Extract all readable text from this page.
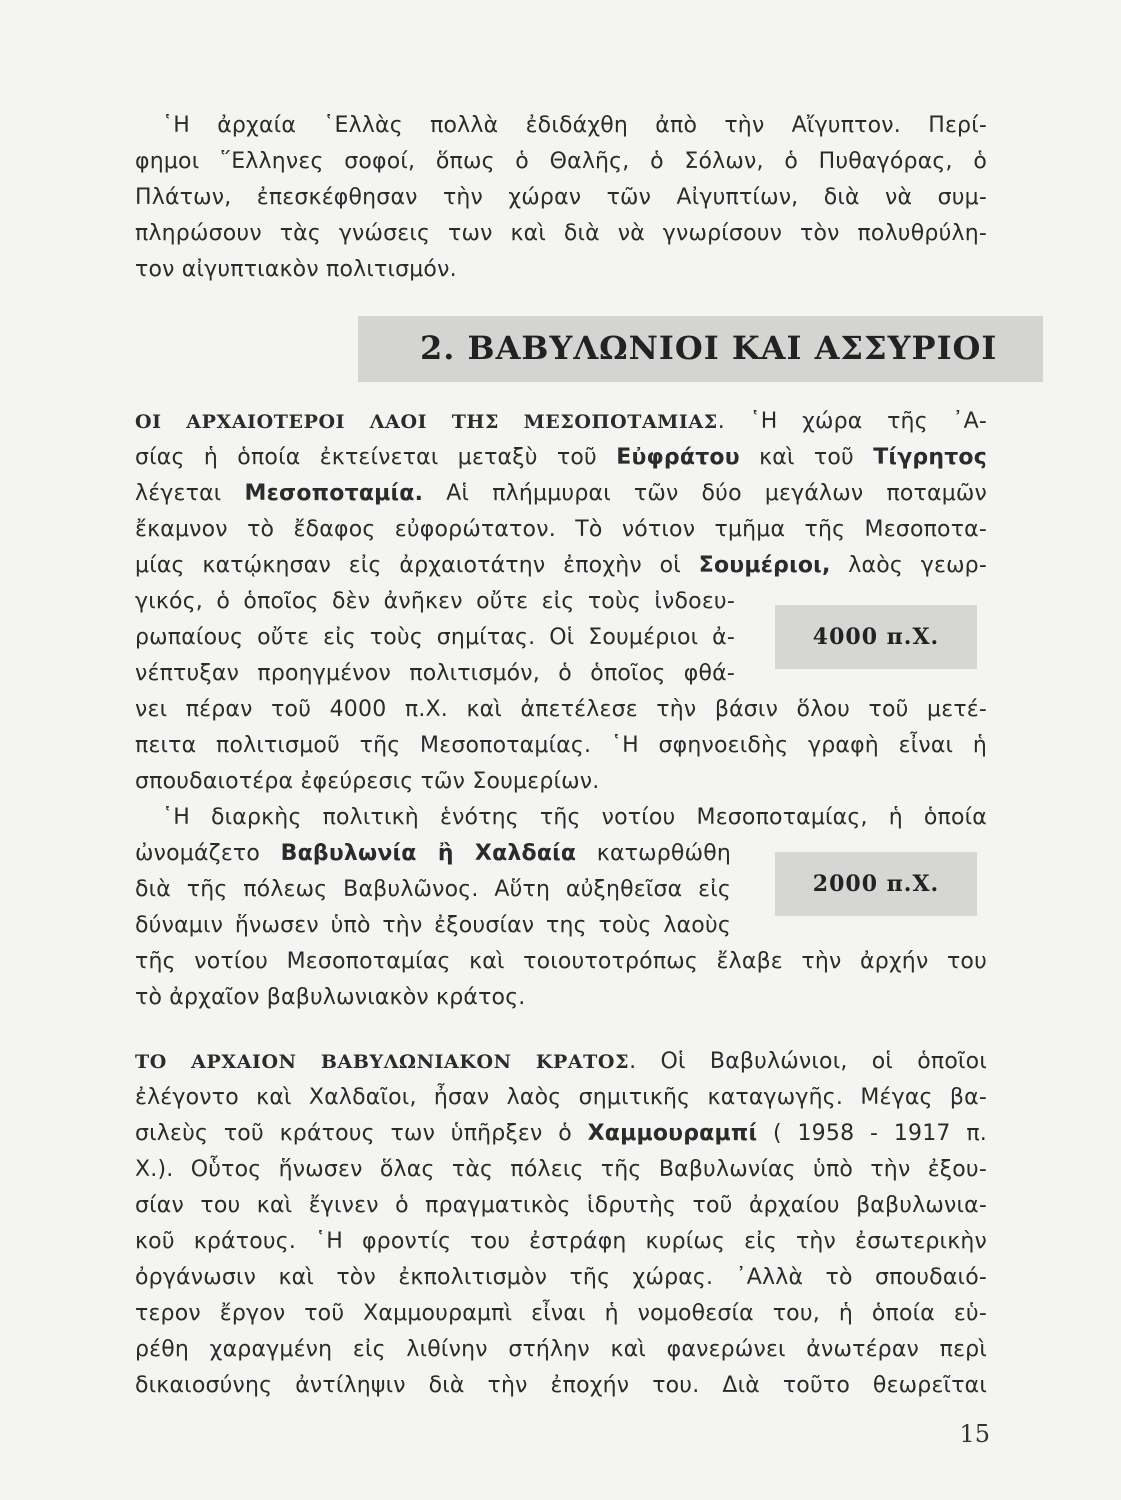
῾Η ἀρχαία ῾Ελλὰς πολλὰ ἐδιδάχθη ἀπὸ τὴν Αἴγυπτον. Περί-
φημοι ῞Ελληνες σοφοί, ὅπως ὁ Θαλῆς, ὁ Σόλων, ὁ Πυθαγόρας, ὁ
Πλάτων, ἐπεσκέφθησαν τὴν χώραν τῶν Αἰγυπτίων, διὰ νὰ συμ-
πληρώσουν τὰς γνώσεις των καὶ διὰ νὰ γνωρίσουν τὸν πολυθρύλη-
τον αἰγυπτιακὸν πολιτισμόν.
2. ΒΑΒΥΛΩΝΙΟΙ ΚΑΙ ΑΣΣΥΡΙΟΙ
ΟΙ ΑΡΧΑΙΟΤΕΡΟΙ ΛΑΟΙ ΤΗΣ ΜΕΣΟΠΟΤΑΜΙΑΣ. ῾Η χώρα τῆς ᾿Α-
σίας ἡ ὁποία ἐκτείνεται μεταξὺ τοῦ Εὐφράτου καὶ τοῦ Τίγρητος
λέγεται Μεσοποταμία. Αἱ πλήμμυραι τῶν δύο μεγάλων ποταμῶν
ἔκαμνον τὸ ἔδαφος εὐφορώτατον. Τὸ νότιον τμῆμα τῆς Μεσοποτα-
μίας κατῴκησαν εἰς ἀρχαιοτάτην ἐποχὴν οἱ Σουμέριοι, λαὸς γεωρ-
γικός, ὁ ὁποῖος δὲν ἀνῆκεν οὔτε εἰς τοὺς ἰνδοευ-
ρωπαίους οὔτε εἰς τοὺς σημίτας. Οἱ Σουμέριοι ἀ-
νέπτυξαν προηγμένον πολιτισμόν, ὁ ὁποῖος φθά-
νει πέραν τοῦ 4000 π.Χ. καὶ ἀπετέλεσε τὴν βάσιν ὅλου τοῦ μετέ-
πειτα πολιτισμοῦ τῆς Μεσοποταμίας. ῾Η σφηνοειδὴς γραφὴ εἶναι ἡ
σπουδαιοτέρα ἐφεύρεσις τῶν Σουμερίων.
4000 π.Χ.
῾Η διαρκὴς πολιτικὴ ἑνότης τῆς νοτίου Μεσοποταμίας, ἡ ὁποία
ὠνομάζετο Βαβυλωνία ἢ Χαλδαία κατωρθώθη
διὰ τῆς πόλεως Βαβυλῶνος. Αὕτη αὐξηθεῖσα εἰς
δύναμιν ἥνωσεν ὑπὸ τὴν ἐξουσίαν της τοὺς λαοὺς
τῆς νοτίου Μεσοποταμίας καὶ τοιουτοτρόπως ἔλαβε τὴν ἀρχήν του
τὸ ἀρχαῖον βαβυλωνιακὸν κράτος.
2000 π.Χ.
ΤΟ ΑΡΧΑΙΟΝ ΒΑΒΥΛΩΝΙΑΚΟΝ ΚΡΑΤΟΣ. Οἱ Βαβυλώνιοι, οἱ ὁποῖοι
ἐλέγοντο καὶ Χαλδαῖοι, ἦσαν λαὸς σημιτικῆς καταγωγῆς. Μέγας βα-
σιλεὺς τοῦ κράτους των ὑπῆρξεν ὁ Χαμμουραμπί ( 1958 - 1917 π.
Χ.). Οὗτος ἥνωσεν ὅλας τὰς πόλεις τῆς Βαβυλωνίας ὑπὸ τὴν ἐξου-
σίαν του καὶ ἔγινεν ὁ πραγματικὸς ἱδρυτὴς τοῦ ἀρχαίου βαβυλωνια-
κοῦ κράτους. ῾Η φροντίς του ἐστράφη κυρίως εἰς τὴν ἐσωτερικὴν
ὀργάνωσιν καὶ τὸν ἐκπολιτισμὸν τῆς χώρας. ᾿Αλλὰ τὸ σπουδαιό-
τερον ἔργον τοῦ Χαμμουραμπὶ εἶναι ἡ νομοθεσία του, ἡ ὁποία εὑ-
ρέθη χαραγμένη εἰς λιθίνην στήλην καὶ φανερώνει ἀνωτέραν περὶ
δικαιοσύνης ἀντίληψιν διὰ τὴν ἐποχήν του. Διὰ τοῦτο θεωρεῖται
15
